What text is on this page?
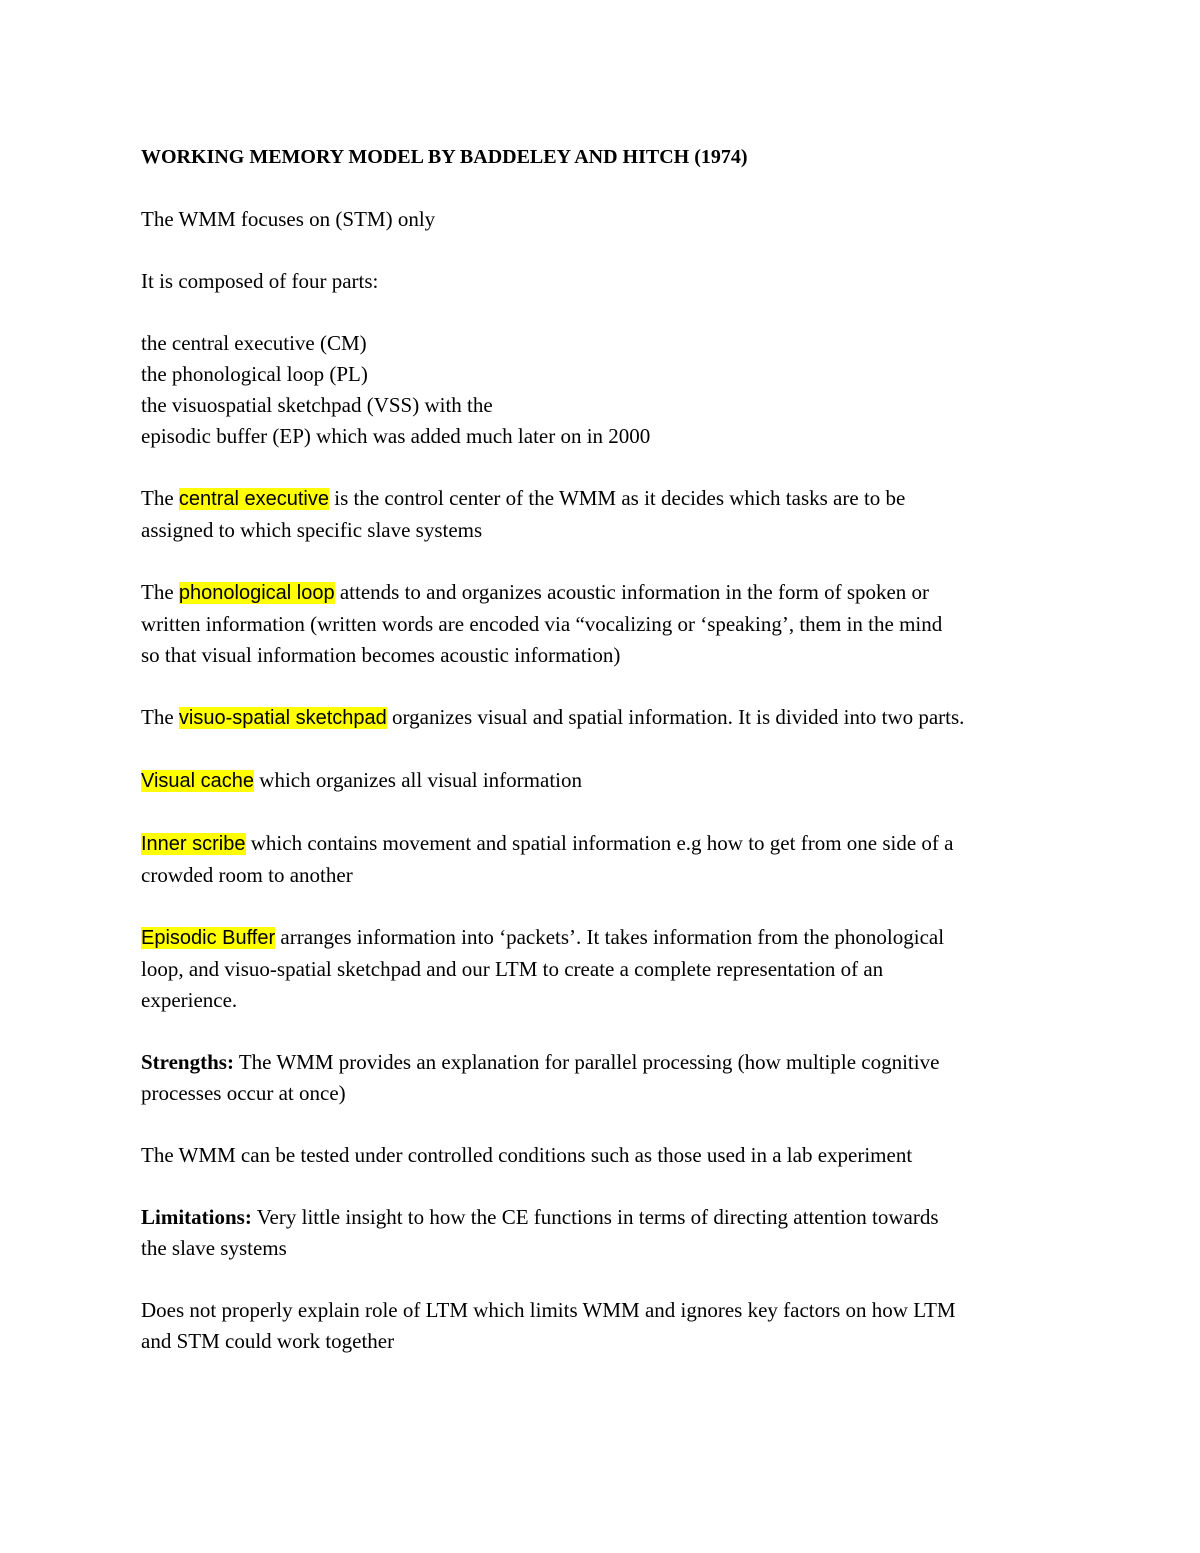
WORKING MEMORY MODEL BY BADDELEY AND HITCH (1974)
The WMM focuses on (STM) only
It is composed of four parts:
the central executive (CM)
the phonological loop (PL)
the visuospatial sketchpad (VSS) with the
episodic buffer (EP) which was added much later on in 2000
The central executive is the control center of the WMM as it decides which tasks are to be
assigned to which specific slave systems
The phonological loop attends to and organizes acoustic information in the form of spoken or
written information (written words are encoded via “vocalizing or ‘speaking’, them in the mind
so that visual information becomes acoustic information)
The visuo-spatial sketchpad organizes visual and spatial information. It is divided into two parts.
Visual cache which organizes all visual information
Inner scribe which contains movement and spatial information e.g how to get from one side of a
crowded room to another
Episodic Buffer arranges information into ‘packets’. It takes information from the phonological
loop, and visuo-spatial sketchpad and our LTM to create a complete representation of an
experience.
Strengths: The WMM provides an explanation for parallel processing (how multiple cognitive
processes occur at once)
The WMM can be tested under controlled conditions such as those used in a lab experiment
Limitations: Very little insight to how the CE functions in terms of directing attention towards
the slave systems
Does not properly explain role of LTM which limits WMM and ignores key factors on how LTM
and STM could work together
